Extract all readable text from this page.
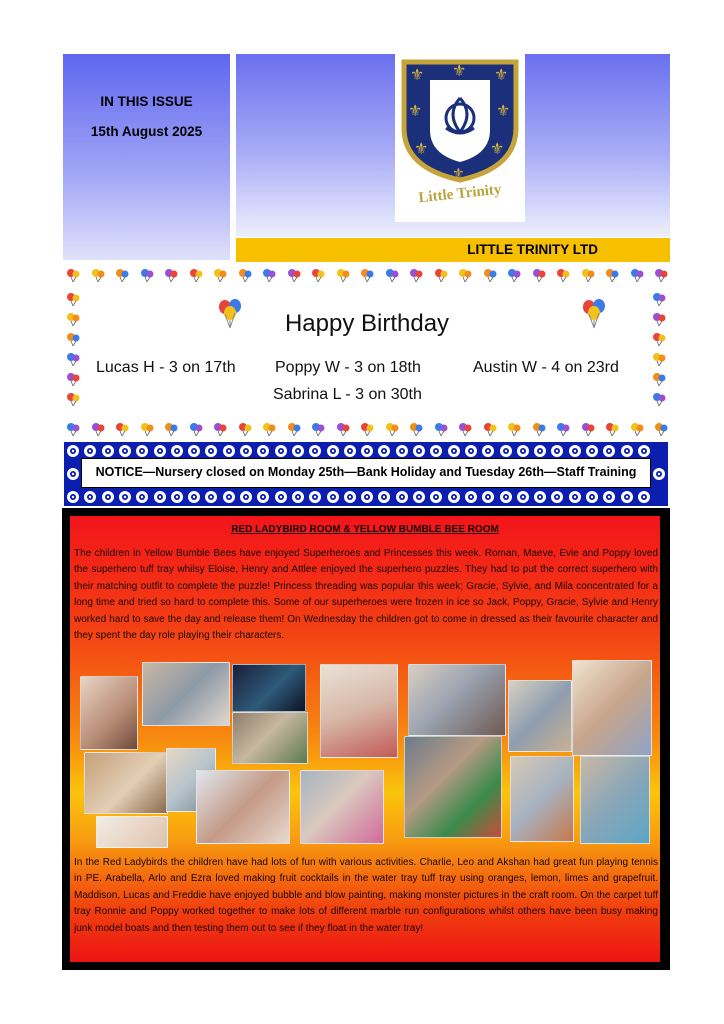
IN THIS ISSUE
15th August 2025
⚜ ⚜ ⚜
⚜	⚜
⚜	⚜
⚜
Little Trinity
LITTLE TRINITY LTD
Happy Birthday
Lucas H - 3 on 17th Poppy W - 3 on 18th	Austin W - 4 on 23rd
Sabrina L - 3 on 30th
NOTICE—Nursery closed on Monday 25th—Bank Holiday and Tuesday 26th—Staff Training
RED LADYBIRD ROOM & YELLOW BUMBLE BEE ROOM
The children in Yellow Bumble Bees have enjoyed Superheroes and Princesses this week. Roman, Maeve, Evie and Poppy loved the superhero tuff tray whilsy Eloise, Henry and Attlee enjoyed the superhero puzzles. They had to put the correct superhero with their matching outfit to complete the puzzle! Princess threading was popular this week; Gracie, Sylvie, and Mila concentrated for a long time and tried so hard to complete this. Some of our superheroes were frozen in ice so Jack, Poppy, Gracie, Sylvie and Henry worked hard to save the day and release them! On Wednesday the children got to come in dressed as their favourite character and they spent the day role playing their characters.
In the Red Ladybirds the children have had lots of fun with various activities. Charlie, Leo and Akshan had great fun playing tennis in PE. Arabella, Arlo and Ezra loved making fruit cocktails in the water tray tuff tray using oranges, lemon, limes and grapefruit. Maddison, Lucas and Freddie have enjoyed bubble and blow painting, making monster pictures in the craft room. On the carpet tuff tray Ronnie and Poppy worked together to make lots of different marble run configurations whilst others have been busy making junk model boats and then testing them out to see if they float in the water tray!
